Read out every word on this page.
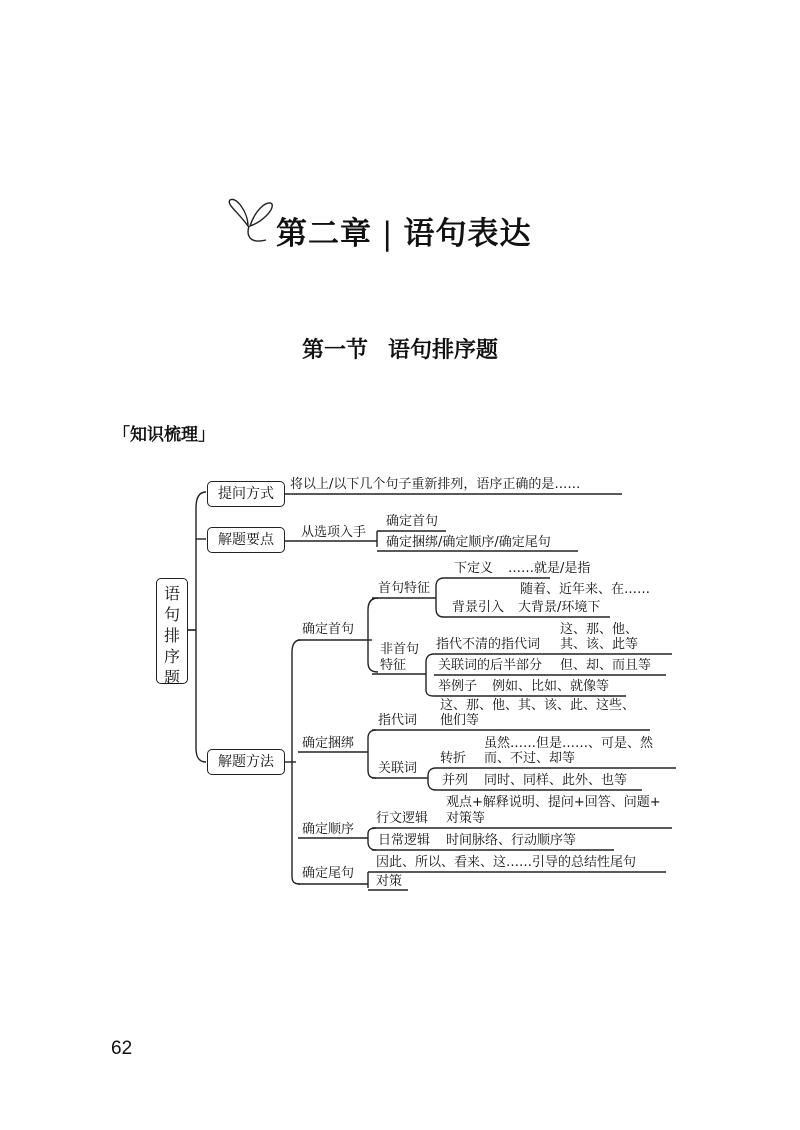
第二章 | 语句表达
第一节 语句排序题
「知识梳理」
语
句
排
序
题
提问方式
解题要点
解题方法
将以上/以下几个句子重新排列，语序正确的是……
从选项入手
确定首句
确定捆绑/确定顺序/确定尾句
确定首句
首句特征
下定义 ……就是/是指
随着、近年来、在……
背景引入 大背景/环境下
非首句
特征
这、那、他、
指代不清的指代词 其、该、此等
关联词的后半部分 但、却、而且等
举例子 例如、比如、就像等
确定捆绑
指代词
这、那、他、其、该、此、这些、
他们等
关联词
虽然……但是……、可是、然
转折 而、不过、却等
并列 同时、同样、此外、也等
确定顺序
观点+解释说明、提问+回答、问题+
行文逻辑 对策等
日常逻辑 时间脉络、行动顺序等
确定尾句
因此、所以、看来、这……引导的总结性尾句
对策
62
